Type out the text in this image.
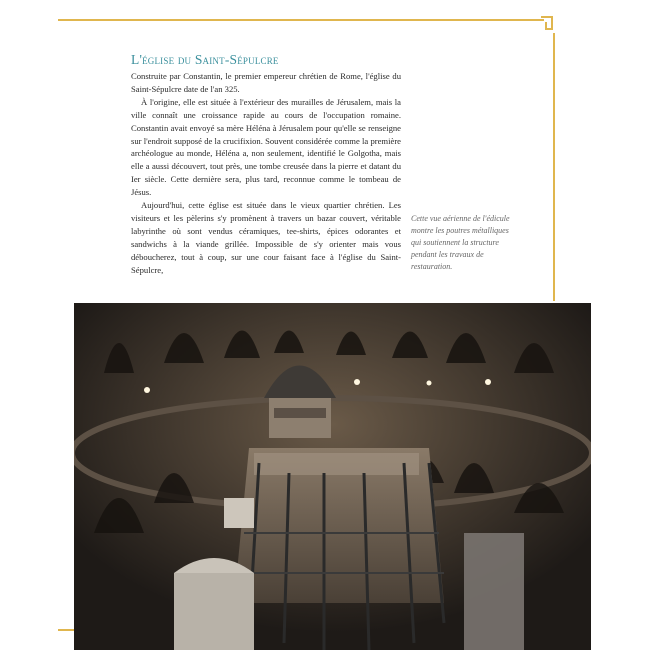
L'église du Saint-Sépulcre

Construite par Constantin, le premier empereur chrétien de Rome, l'église du Saint-Sépulcre date de l'an 325.

À l'origine, elle est située à l'extérieur des murailles de Jérusalem, mais la ville connaît une croissance rapide au cours de l'occupation romaine. Constantin avait envoyé sa mère Héléna à Jérusalem pour qu'elle se renseigne sur l'endroit supposé de la crucifixion. Souvent considérée comme la première archéologue au monde, Héléna a, non seulement, identifié le Golgotha, mais elle a aussi découvert, tout près, une tombe creusée dans la pierre et datant du Ier siècle. Cette dernière sera, plus tard, reconnue comme le tombeau de Jésus.

Aujourd'hui, cette église est située dans le vieux quartier chrétien. Les visiteurs et les pèlerins s'y promènent à travers un bazar couvert, véritable labyrinthe où sont vendus céramiques, tee-shirts, épices odorantes et sandwichs à la viande grillée. Impossible de s'y orienter mais vous déboucherez, tout à coup, sur une cour faisant face à l'église du Saint-Sépulcre,

Cette vue aérienne de l'édicule montre les poutres métalliques qui soutiennent la structure pendant les travaux de restauration.
